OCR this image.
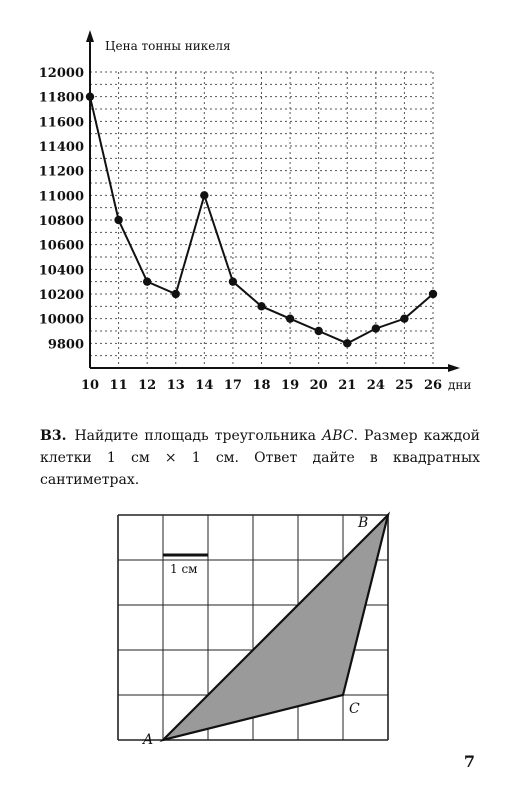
9800
10000
10200
10400
10600
10800
11000
11200
11400
11600
11800
12000
10 11 12 13 14 17 18 19 20 21 24 25 26
Цена тонны никеля
дни
В3. Найдите площадь треугольника ABC. Размер каждой клетки 1 см × 1 см. Ответ дайте в квадратных сантиметрах.
1 см
A
B
C
7
